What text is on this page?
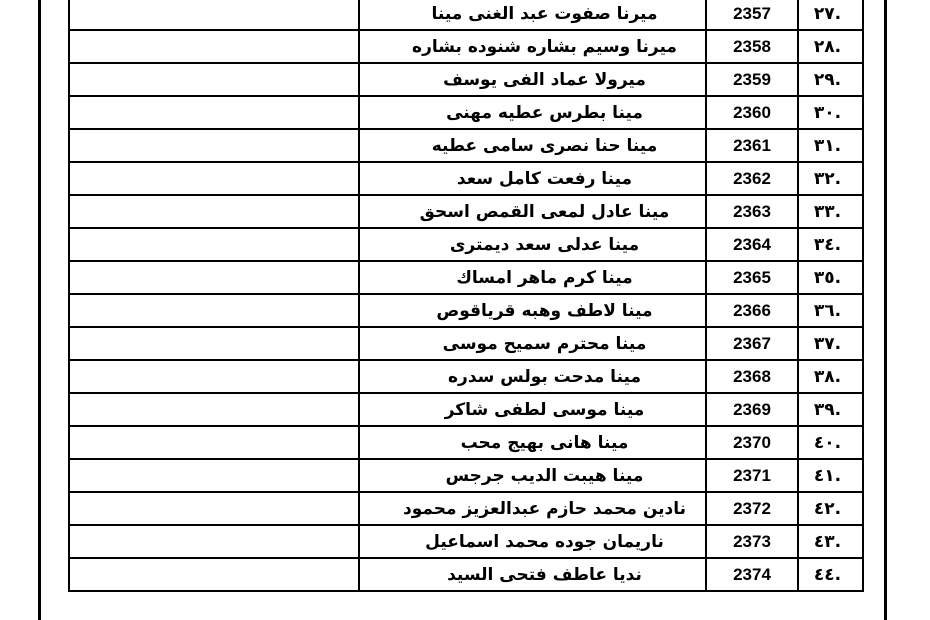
	ميرنا صفوت عبد الغنى مينا	2357	.٢٧
	ميرنا وسيم بشاره شنوده بشاره	2358	.٢٨
	ميرولا عماد الفى يوسف	2359	.٢٩
	مينا بطرس عطيه مهنى	2360	.٣٠
	مينا حنا نصرى سامى عطيه	2361	.٣١
	مينا رفعت كامل سعد	2362	.٣٢
	مينا عادل لمعى القمص اسحق	2363	.٣٣
	مينا عدلى سعد ديمترى	2364	.٣٤
	مينا كرم ماهر امساك	2365	.٣٥
	مينا لاطف وهبه قرياقوص	2366	.٣٦
	مينا محترم سميح موسى	2367	.٣٧
	مينا مدحت بولس سدره	2368	.٣٨
	مينا موسى لطفى شاكر	2369	.٣٩
	مينا هانى بهيج محب	2370	.٤٠
	مينا هيبت الديب جرجس	2371	.٤١
	نادين محمد حازم عبدالعزيز محمود	2372	.٤٢
	ناريمان جوده محمد اسماعيل	2373	.٤٣
	نديا عاطف فتحى السيد	2374	.٤٤
